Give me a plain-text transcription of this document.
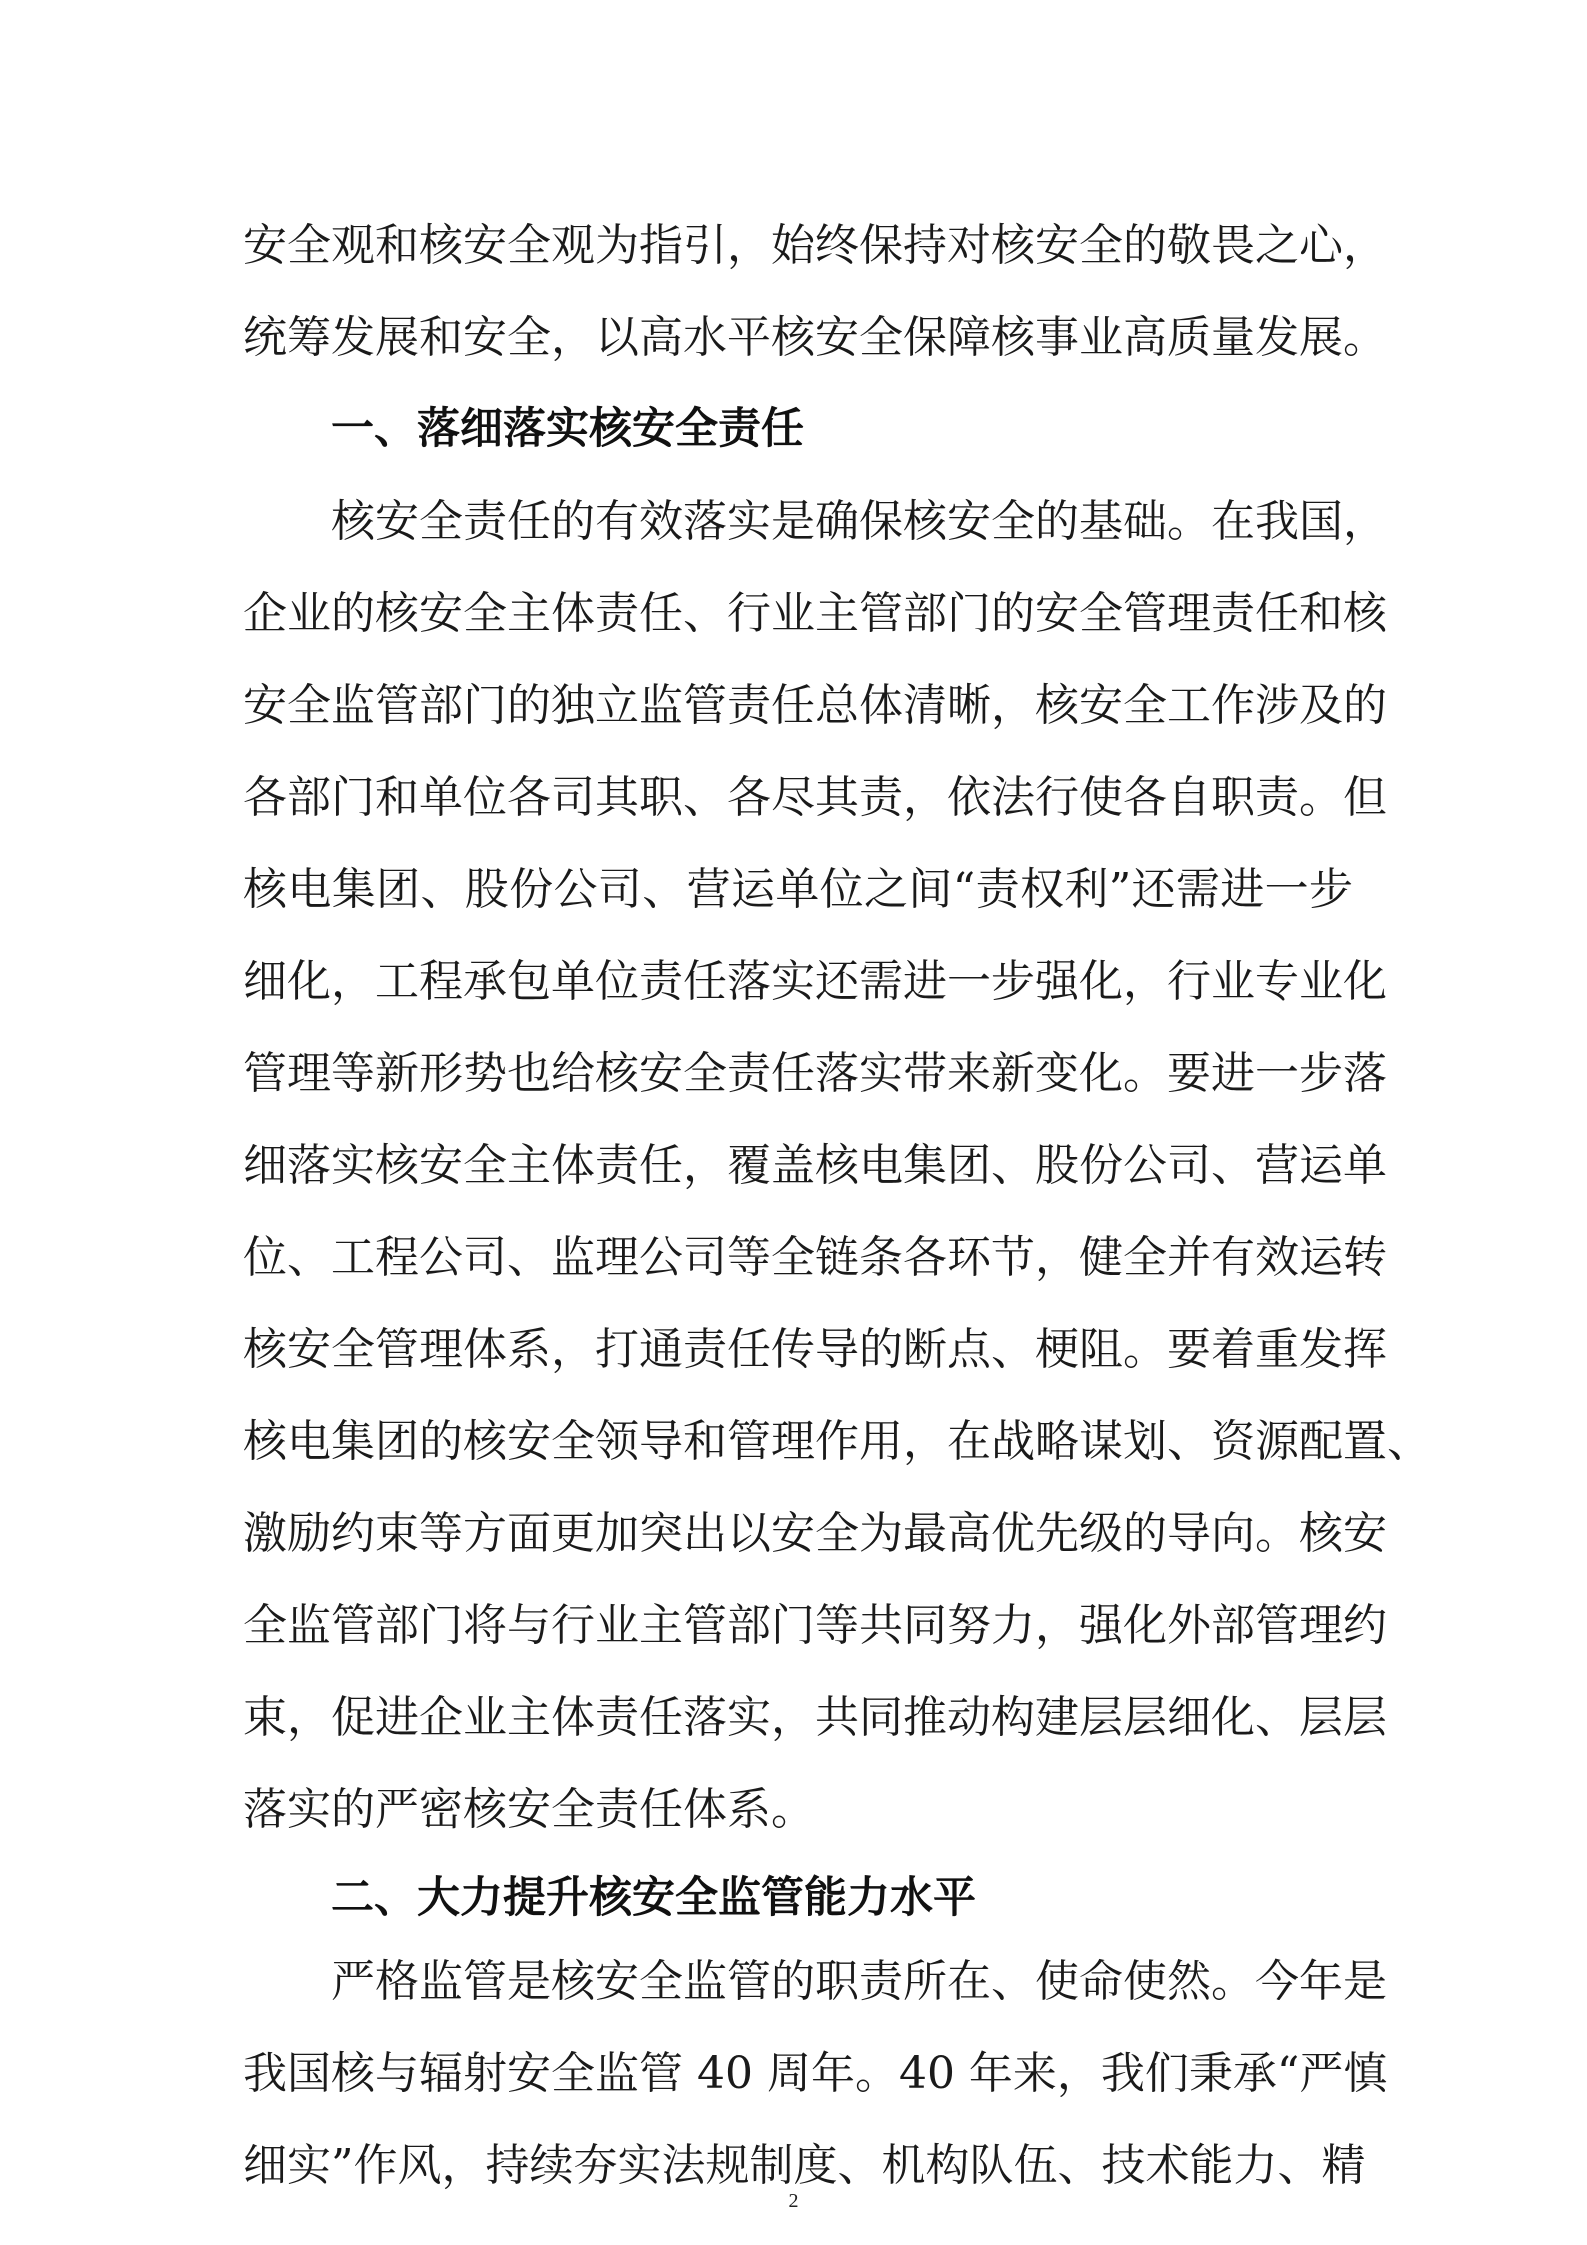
安全观和核安全观为指引，始终保持对核安全的敬畏之心，
统筹发展和安全，以高水平核安全保障核事业高质量发展。
一、落细落实核安全责任
核安全责任的有效落实是确保核安全的基础。在我国，
企业的核安全主体责任、行业主管部门的安全管理责任和核
安全监管部门的独立监管责任总体清晰，核安全工作涉及的
各部门和单位各司其职、各尽其责，依法行使各自职责。但
核电集团、股份公司、营运单位之间“责权利”还需进一步
细化，工程承包单位责任落实还需进一步强化，行业专业化
管理等新形势也给核安全责任落实带来新变化。要进一步落
细落实核安全主体责任，覆盖核电集团、股份公司、营运单
位、工程公司、监理公司等全链条各环节，健全并有效运转
核安全管理体系，打通责任传导的断点、梗阻。要着重发挥
核电集团的核安全领导和管理作用，在战略谋划、资源配置、
激励约束等方面更加突出以安全为最高优先级的导向。核安
全监管部门将与行业主管部门等共同努力，强化外部管理约
束，促进企业主体责任落实，共同推动构建层层细化、层层
落实的严密核安全责任体系。
二、大力提升核安全监管能力水平
严格监管是核安全监管的职责所在、使命使然。今年是
我国核与辐射安全监管 40 周年。40 年来，我们秉承“严慎
细实”作风，持续夯实法规制度、机构队伍、技术能力、精
2
